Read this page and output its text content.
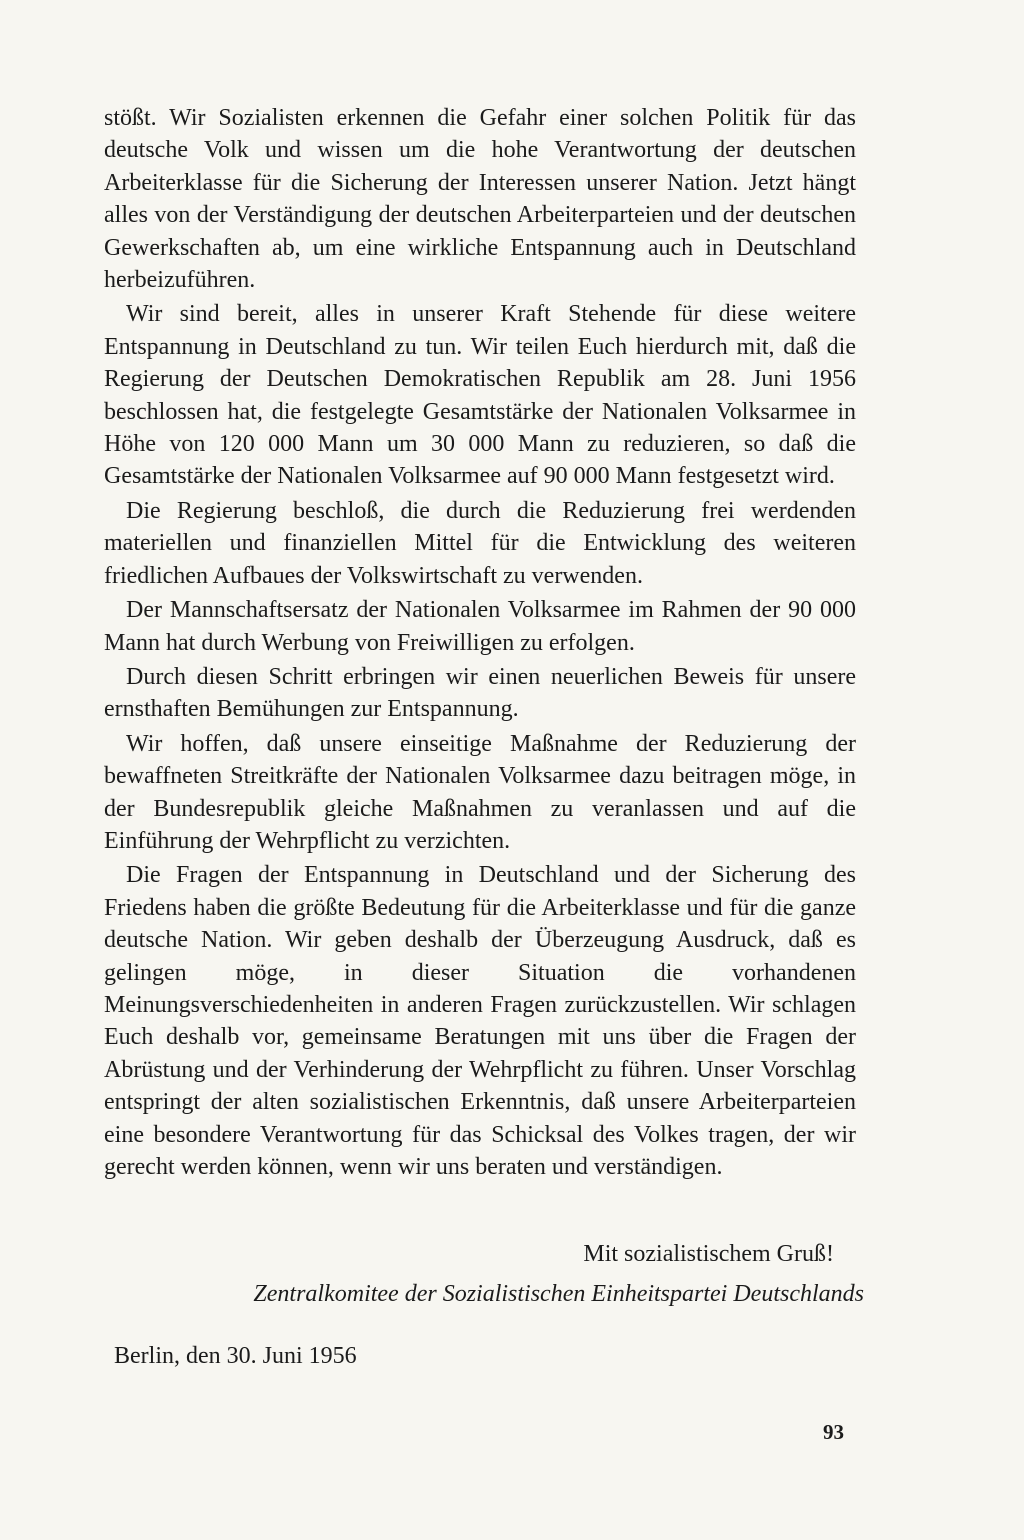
stößt. Wir Sozialisten erkennen die Gefahr einer solchen Politik für das deutsche Volk und wissen um die hohe Verantwortung der deutschen Arbeiterklasse für die Sicherung der Interessen unserer Nation. Jetzt hängt alles von der Verständigung der deutschen Arbeiterparteien und der deutschen Gewerkschaften ab, um eine wirkliche Entspannung auch in Deutschland herbeizuführen.

Wir sind bereit, alles in unserer Kraft Stehende für diese weitere Entspannung in Deutschland zu tun. Wir teilen Euch hierdurch mit, daß die Regierung der Deutschen Demokratischen Republik am 28. Juni 1956 beschlossen hat, die festgelegte Gesamtstärke der Nationalen Volksarmee in Höhe von 120 000 Mann um 30 000 Mann zu reduzieren, so daß die Gesamtstärke der Nationalen Volksarmee auf 90 000 Mann festgesetzt wird.

Die Regierung beschloß, die durch die Reduzierung frei werdenden materiellen und finanziellen Mittel für die Entwicklung des weiteren friedlichen Aufbaues der Volkswirtschaft zu verwenden.

Der Mannschaftsersatz der Nationalen Volksarmee im Rahmen der 90 000 Mann hat durch Werbung von Freiwilligen zu erfolgen.

Durch diesen Schritt erbringen wir einen neuerlichen Beweis für unsere ernsthaften Bemühungen zur Entspannung.

Wir hoffen, daß unsere einseitige Maßnahme der Reduzierung der bewaffneten Streitkräfte der Nationalen Volksarmee dazu beitragen möge, in der Bundesrepublik gleiche Maßnahmen zu veranlassen und auf die Einführung der Wehrpflicht zu verzichten.

Die Fragen der Entspannung in Deutschland und der Sicherung des Friedens haben die größte Bedeutung für die Arbeiterklasse und für die ganze deutsche Nation. Wir geben deshalb der Überzeugung Ausdruck, daß es gelingen möge, in dieser Situation die vorhandenen Meinungsverschiedenheiten in anderen Fragen zurückzustellen. Wir schlagen Euch deshalb vor, gemeinsame Beratungen mit uns über die Fragen der Abrüstung und der Verhinderung der Wehrpflicht zu führen. Unser Vorschlag entspringt der alten sozialistischen Erkenntnis, daß unsere Arbeiterparteien eine besondere Verantwortung für das Schicksal des Volkes tragen, der wir gerecht werden können, wenn wir uns beraten und verständigen.

Mit sozialistischem Gruß!

Zentralkomitee der Sozialistischen Einheitspartei Deutschlands

Berlin, den 30. Juni 1956

93
